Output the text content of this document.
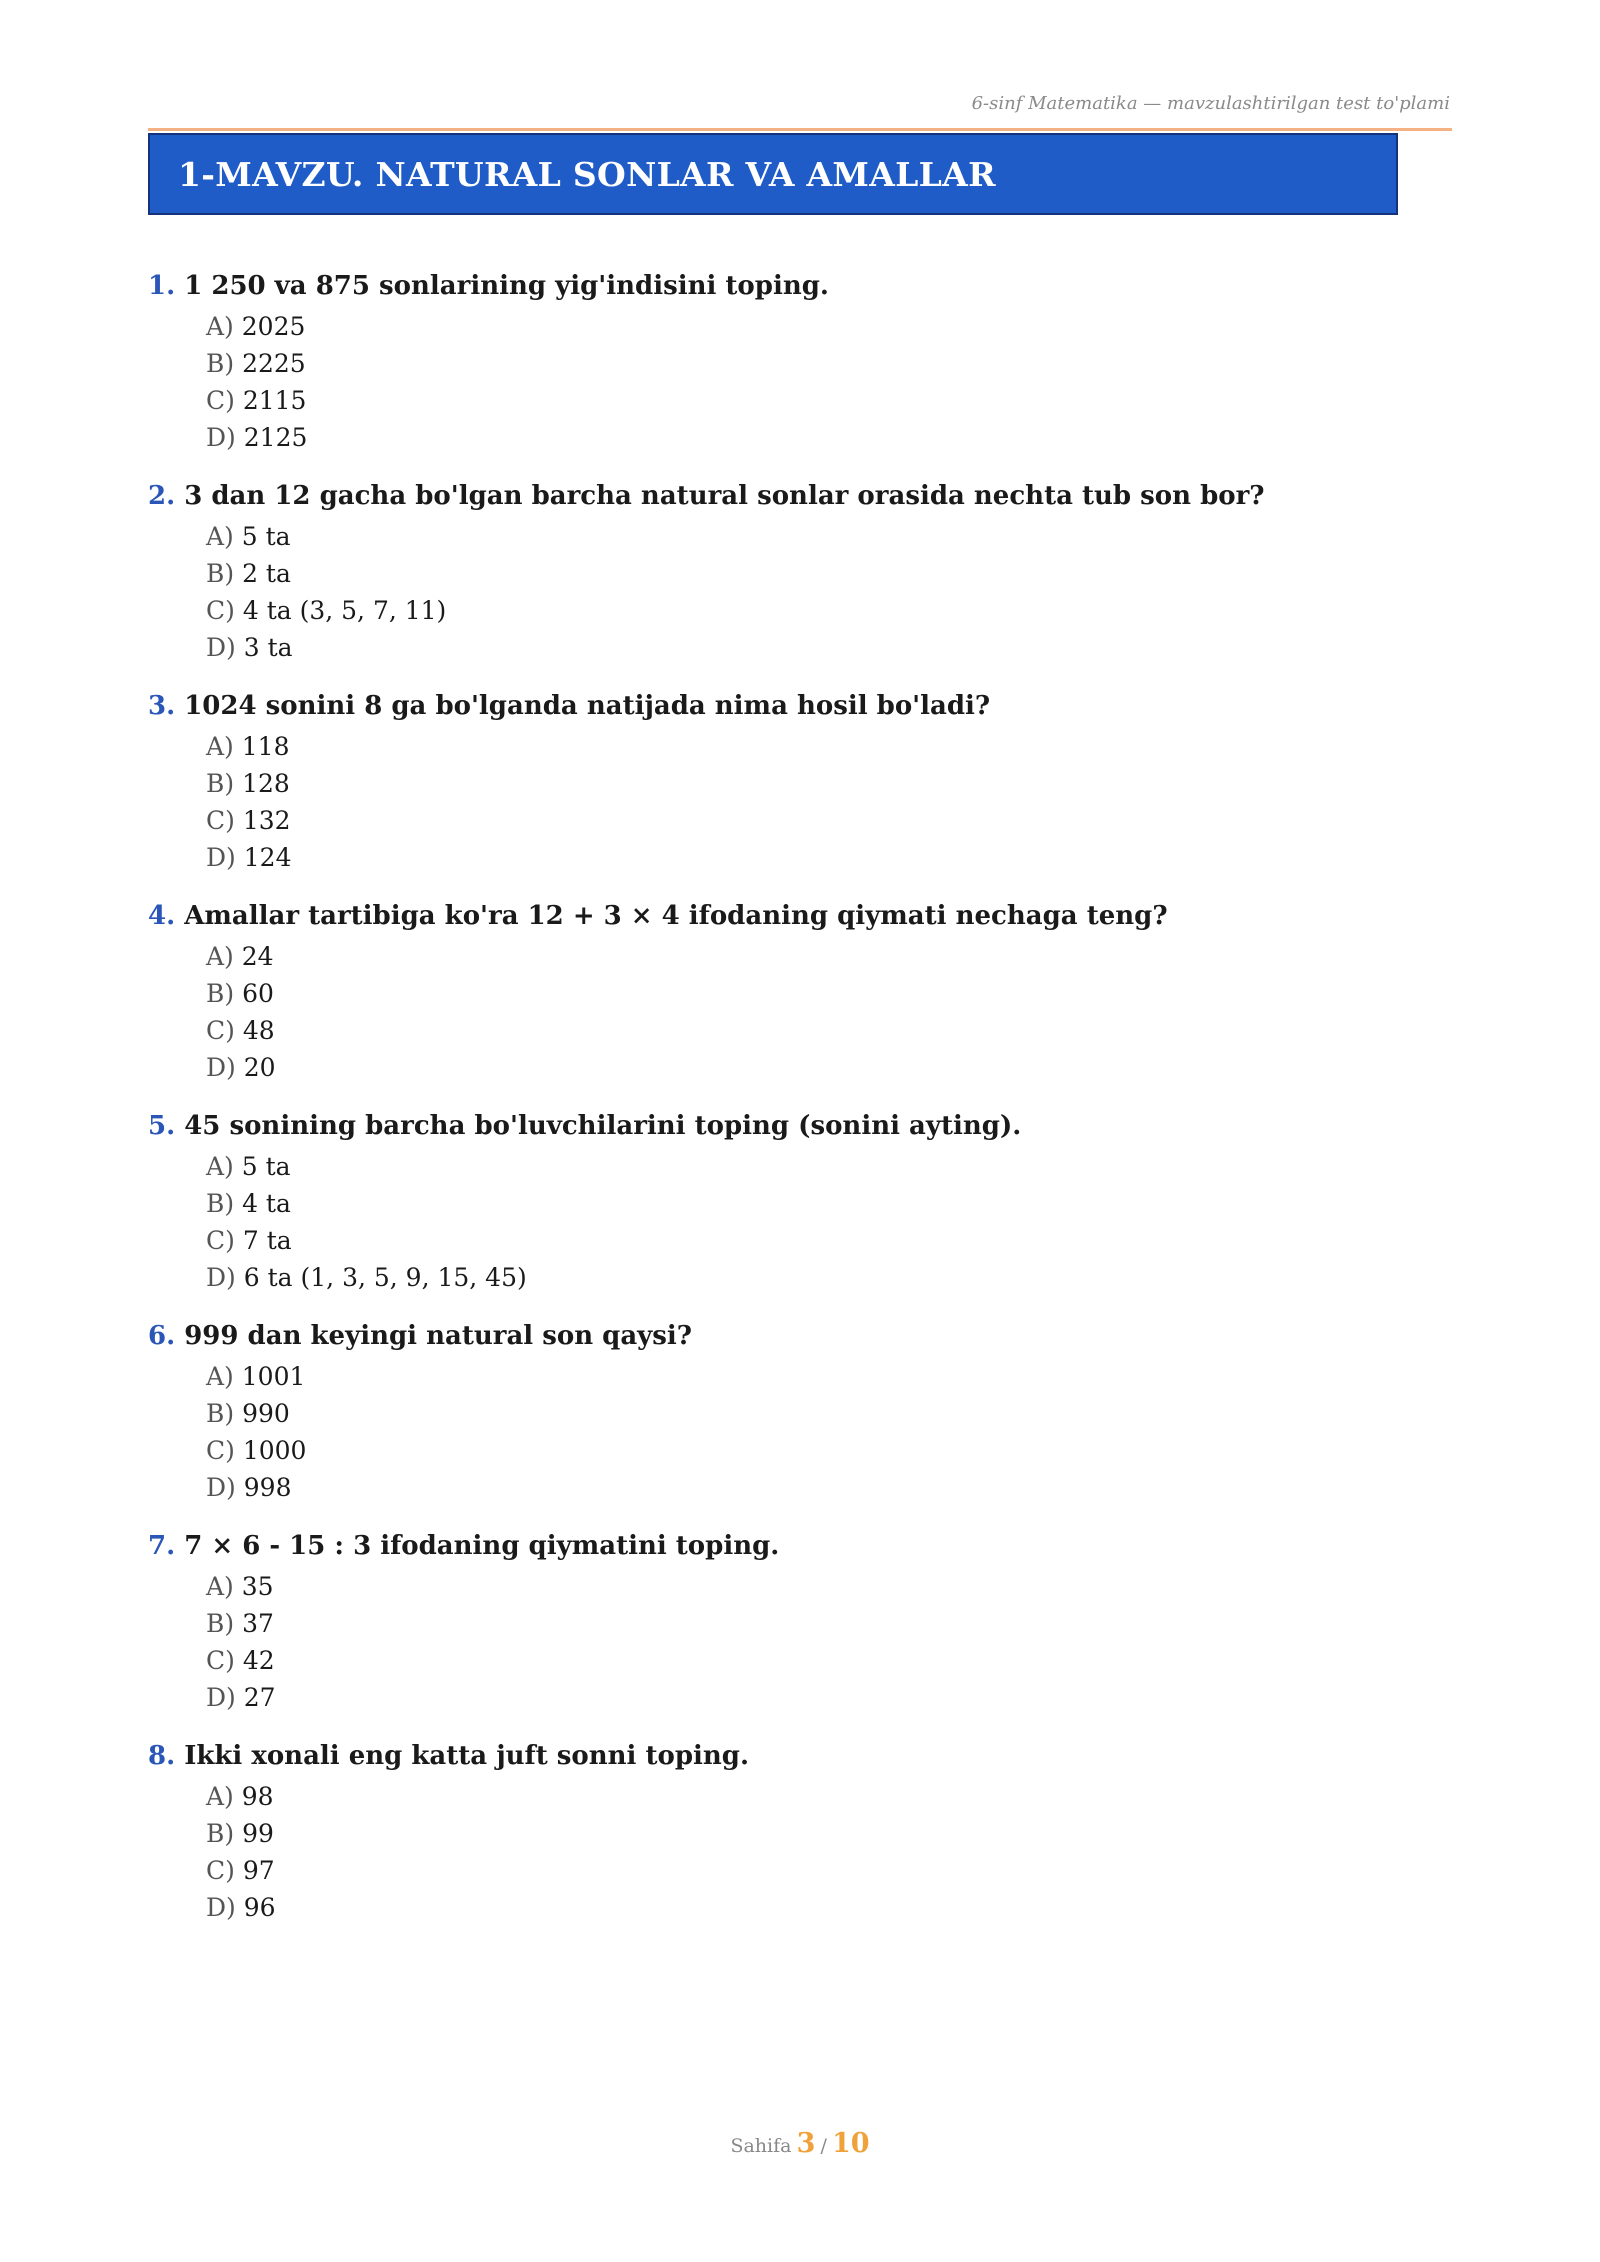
6-sinf Matematika — mavzulashtirilgan test to'plami
1-MAVZU. NATURAL SONLAR VA AMALLAR
1. 1 250 va 875 sonlarining yig'indisini toping.
A) 2025
B) 2225
C) 2115
D) 2125
2. 3 dan 12 gacha bo'lgan barcha natural sonlar orasida nechta tub son bor?
A) 5 ta
B) 2 ta
C) 4 ta (3, 5, 7, 11)
D) 3 ta
3. 1024 sonini 8 ga bo'lganda natijada nima hosil bo'ladi?
A) 118
B) 128
C) 132
D) 124
4. Amallar tartibiga ko'ra 12 + 3 × 4 ifodaning qiymati nechaga teng?
A) 24
B) 60
C) 48
D) 20
5. 45 sonining barcha bo'luvchilarini toping (sonini ayting).
A) 5 ta
B) 4 ta
C) 7 ta
D) 6 ta (1, 3, 5, 9, 15, 45)
6. 999 dan keyingi natural son qaysi?
A) 1001
B) 990
C) 1000
D) 998
7. 7 × 6 - 15 : 3 ifodaning qiymatini toping.
A) 35
B) 37
C) 42
D) 27
8. Ikki xonali eng katta juft sonni toping.
A) 98
B) 99
C) 97
D) 96
Sahifa 3 / 10
